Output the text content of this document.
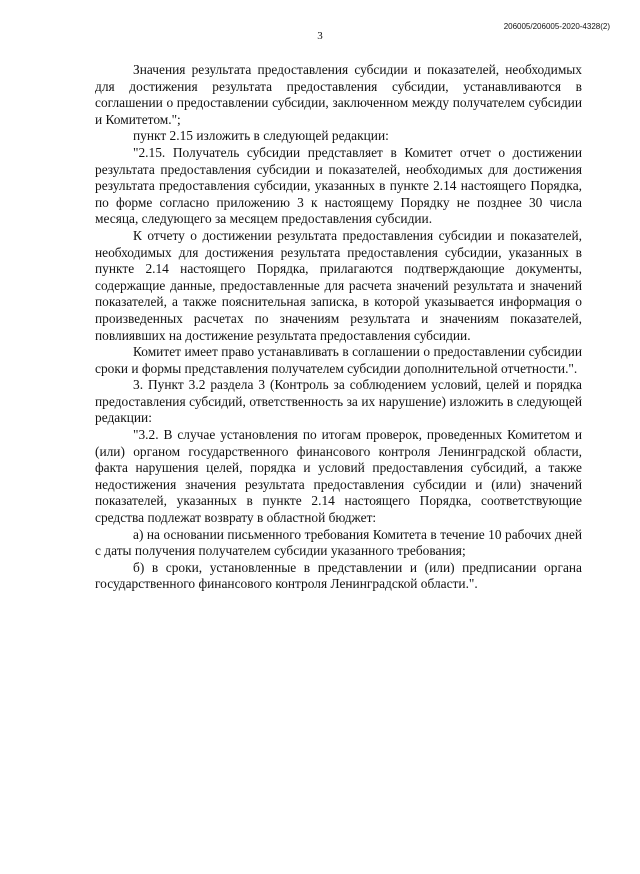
206005/206005-2020-4328(2)
3

Значения результата предоставления субсидии и показателей, необходимых для достижения результата предоставления субсидии, устанавливаются в соглашении о предоставлении субсидии, заключенном между получателем субсидии и Комитетом.";

пункт 2.15 изложить в следующей редакции:

"2.15. Получатель субсидии представляет в Комитет отчет о достижении результата предоставления субсидии и показателей, необходимых для достижения результата предоставления субсидии, указанных в пункте 2.14 настоящего Порядка, по форме согласно приложению 3 к настоящему Порядку не позднее 30 числа месяца, следующего за месяцем предоставления субсидии.

К отчету о достижении результата предоставления субсидии и показателей, необходимых для достижения результата предоставления субсидии, указанных в пункте 2.14 настоящего Порядка, прилагаются подтверждающие документы, содержащие данные, предоставленные для расчета значений результата и значений показателей, а также пояснительная записка, в которой указывается информация о произведенных расчетах по значениям результата и значениям показателей, повлиявших на достижение результата предоставления субсидии.

Комитет имеет право устанавливать в соглашении о предоставлении субсидии сроки и формы представления получателем субсидии дополнительной отчетности.".

3. Пункт 3.2 раздела 3 (Контроль за соблюдением условий, целей и порядка предоставления субсидий, ответственность за их нарушение) изложить в следующей редакции:

"3.2. В случае установления по итогам проверок, проведенных Комитетом и (или) органом государственного финансового контроля Ленинградской области, факта нарушения целей, порядка и условий предоставления субсидий, а также недостижения значения результата предоставления субсидии и (или) значений показателей, указанных в пункте 2.14 настоящего Порядка, соответствующие средства подлежат возврату в областной бюджет:

а) на основании письменного требования Комитета в течение 10 рабочих дней с даты получения получателем субсидии указанного требования;

б) в сроки, установленные в представлении и (или) предписании органа государственного финансового контроля Ленинградской области.".
